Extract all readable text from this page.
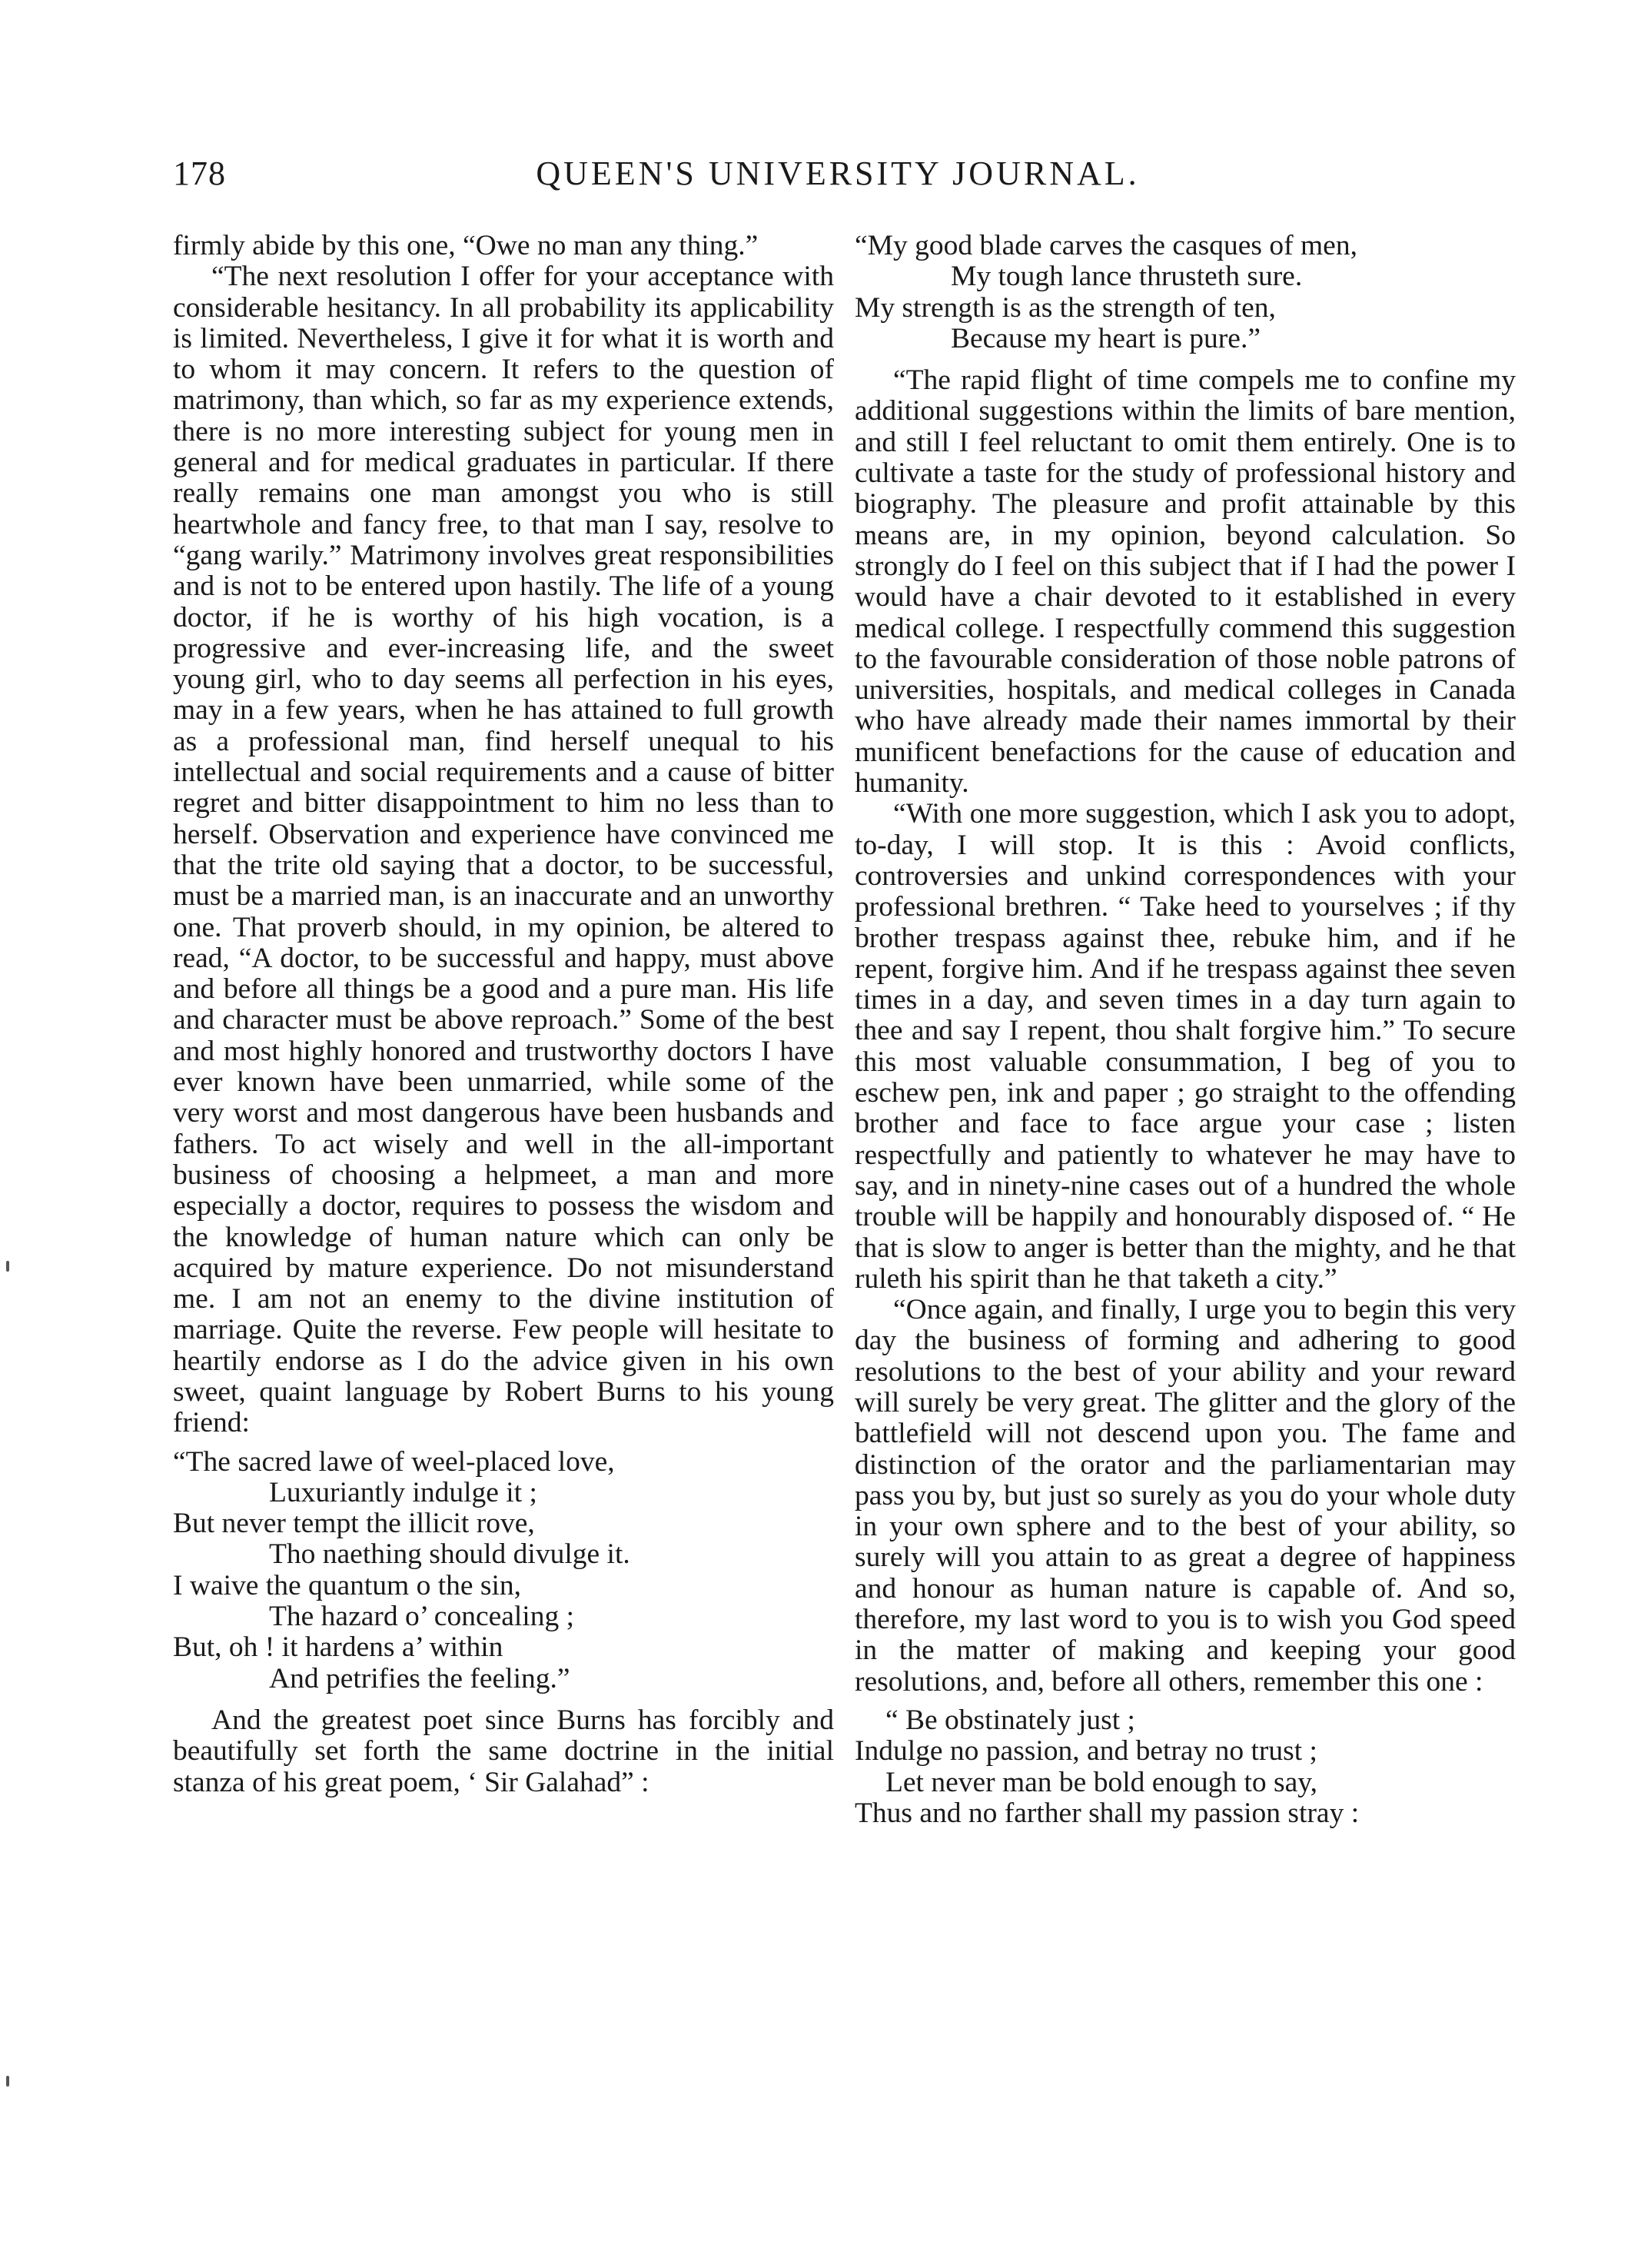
178	QUEEN'S UNIVERSITY JOURNAL.

firmly abide by this one, “Owe no man any thing.”

“The next resolution I offer for your acceptance with considerable hesitancy. In all probability its applicability is limited. Nevertheless, I give it for what it is worth and to whom it may concern. It refers to the question of matrimony, than which, so far as my experience extends, there is no more interesting subject for young men in general and for medical graduates in particular. If there really remains one man amongst you who is still heartwhole and fancy free, to that man I say, resolve to “gang warily.” Matrimony involves great responsibilities and is not to be entered upon hastily. The life of a young doctor, if he is worthy of his high vocation, is a progressive and ever-increasing life, and the sweet young girl, who to day seems all perfection in his eyes, may in a few years, when he has attained to full growth as a professional man, find herself unequal to his intellectual and social requirements and a cause of bitter regret and bitter disappointment to him no less than to herself. Observation and experience have convinced me that the trite old saying that a doctor, to be successful, must be a married man, is an inaccurate and an unworthy one. That proverb should, in my opinion, be altered to read, “A doctor, to be successful and happy, must above and before all things be a good and a pure man. His life and character must be above reproach.” Some of the best and most highly honored and trustworthy doctors I have ever known have been unmarried, while some of the very worst and most dangerous have been husbands and fathers. To act wisely and well in the all-important business of choosing a helpmeet, a man and more especially a doctor, requires to possess the wisdom and the knowledge of human nature which can only be acquired by mature experience. Do not misunderstand me. I am not an enemy to the divine institution of marriage. Quite the reverse. Few people will hesitate to heartily endorse as I do the advice given in his own sweet, quaint language by Robert Burns to his young friend:

“The sacred lawe of weel-placed love,
Luxuriantly indulge it ;
But never tempt the illicit rove,
Tho naething should divulge it.
I waive the quantum o the sin,
The hazard o’ concealing ;
But, oh ! it hardens a’ within
And petrifies the feeling.”

And the greatest poet since Burns has forcibly and beautifully set forth the same doctrine in the initial stanza of his great poem, ‘ Sir Galahad” :

“My good blade carves the casques of men,
My tough lance thrusteth sure.
My strength is as the strength of ten,
Because my heart is pure.”

“The rapid flight of time compels me to confine my additional suggestions within the limits of bare mention, and still I feel reluctant to omit them entirely. One is to cultivate a taste for the study of professional history and biography. The pleasure and profit attainable by this means are, in my opinion, beyond calculation. So strongly do I feel on this subject that if I had the power I would have a chair devoted to it established in every medical college. I respectfully commend this suggestion to the favourable consideration of those noble patrons of universities, hospitals, and medical colleges in Canada who have already made their names immortal by their munificent benefactions for the cause of education and humanity.

“With one more suggestion, which I ask you to adopt, to-day, I will stop. It is this : Avoid conflicts, controversies and unkind correspondences with your professional brethren. “ Take heed to yourselves ; if thy brother trespass against thee, rebuke him, and if he repent, forgive him. And if he trespass against thee seven times in a day, and seven times in a day turn again to thee and say I repent, thou shalt forgive him.” To secure this most valuable consummation, I beg of you to eschew pen, ink and paper ; go straight to the offending brother and face to face argue your case ; listen respectfully and patiently to whatever he may have to say, and in ninety-nine cases out of a hundred the whole trouble will be happily and honourably disposed of. “ He that is slow to anger is better than the mighty, and he that ruleth his spirit than he that taketh a city.”

“Once again, and finally, I urge you to begin this very day the business of forming and adhering to good resolutions to the best of your ability and your reward will surely be very great. The glitter and the glory of the battlefield will not descend upon you. The fame and distinction of the orator and the parliamentarian may pass you by, but just so surely as you do your whole duty in your own sphere and to the best of your ability, so surely will you attain to as great a degree of happiness and honour as human nature is capable of. And so, therefore, my last word to you is to wish you God speed in the matter of making and keeping your good resolutions, and, before all others, remember this one :

“ Be obstinately just ;
Indulge no passion, and betray no trust ;
Let never man be bold enough to say,
Thus and no farther shall my passion stray :
